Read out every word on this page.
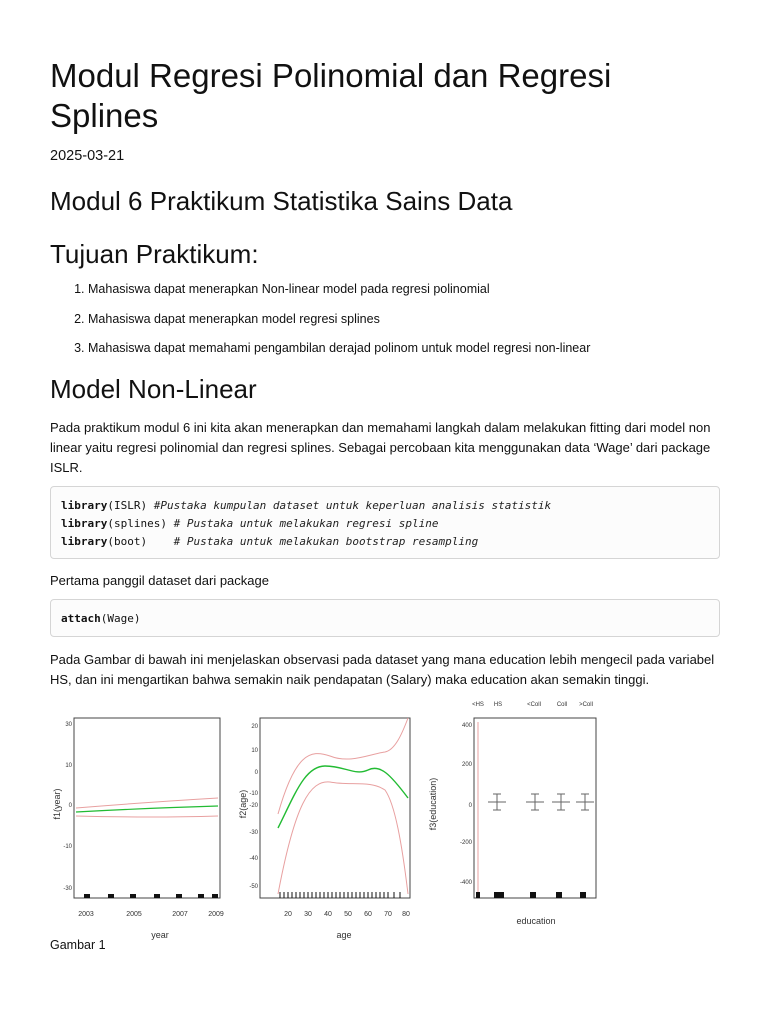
Modul Regresi Polinomial dan Regresi Splines
2025-03-21
Modul 6 Praktikum Statistika Sains Data
Tujuan Praktikum:
1. Mahasiswa dapat menerapkan Non-linear model pada regresi polinomial
2. Mahasiswa dapat menerapkan model regresi splines
3. Mahasiswa dapat memahami pengambilan derajad polinom untuk model regresi non-linear
Model Non-Linear

Pada praktikum modul 6 ini kita akan menerapkan dan memahami langkah dalam melakukan fitting dari model non linear yaitu regresi polinomial dan regresi splines. Sebagai percobaan kita menggunakan data ‘Wage’ dari package ISLR.

library(ISLR) #Pustaka kumpulan dataset untuk keperluan analisis statistik
library(splines) # Pustaka untuk melakukan regresi spline
library(boot)    # Pustaka untuk melakukan bootstrap resampling

Pertama panggil dataset dari package

attach(Wage)

Pada Gambar di bawah ini menjelaskan observasi pada dataset yang mana education lebih mengecil pada variabel HS, dan ini mengartikan bahwa semakin naik pendapatan (Salary) maka education akan semakin tinggi.

f1(year)
year
2003	2005	2007	2009
-30
-10
0
10
30
f2(age)
age
20 30 40 50 60 70 80
-50
-40
-30
-20
-10
0
10
20
f3(education)
education
-400
-200
0
200
400
<HS HS	<Coll	Coll >Coll
Gambar 1
